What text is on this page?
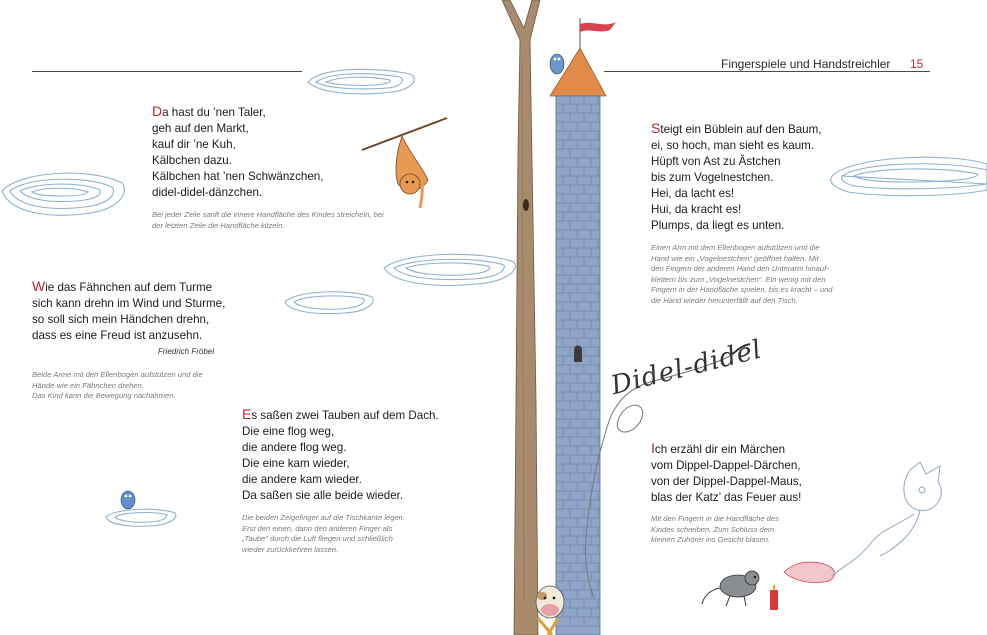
Fingerspiele und Handstreichler 15
Didel-didel
Da hast du ’nen Taler,
geh auf den Markt,
kauf dir ’ne Kuh,
Kälbchen dazu.
Kälbchen hat ’nen Schwänzchen,
didel-didel-dänzchen.
Bei jeder Zeile sanft die innere Handfläche des Kindes streicheln, bei
der letzten Zeile die Handfläche kitzeln.
Wie das Fähnchen auf dem Turme
sich kann drehn im Wind und Sturme,
so soll sich mein Händchen drehn,
dass es eine Freud ist anzusehn.
Friedrich Fröbel
Beide Arme mit den Ellenbogen aufstützen und die
Hände wie ein Fähnchen drehen.
Das Kind kann die Bewegung nachahmen.
Es saßen zwei Tauben auf dem Dach.
Die eine flog weg,
die andere flog weg.
Die eine kam wieder,
die andere kam wieder.
Da saßen sie alle beide wieder.
Die beiden Zeigefinger auf die Tischkante legen.
Erst den einen, dann den anderen Finger als
„Taube“ durch die Luft fliegen und schließlich
wieder zurückkehren lassen.
Steigt ein Büblein auf den Baum,
ei, so hoch, man sieht es kaum.
Hüpft von Ast zu Ästchen
bis zum Vogelnestchen.
Hei, da lacht es!
Hui, da kracht es!
Plumps, da liegt es unten.
Einen Arm mit dem Ellenbogen aufstützen und die
Hand wie ein „Vogelnestchen“ geöffnet halten. Mit
den Fingern der anderen Hand den Unterarm hinauf-
klettern bis zum „Vogelnestchen“. Ein wenig mit den
Fingern in der Handfläche spielen, bis es kracht – und
die Hand wieder herunterfällt auf den Tisch.
Ich erzähl dir ein Märchen
vom Dippel-Dappel-Därchen,
von der Dippel-Dappel-Maus,
blas der Katz’ das Feuer aus!
Mit den Fingern in die Handfläche des
Kindes schreiben. Zum Schluss dem
kleinen Zuhörer ins Gesicht blasen.
